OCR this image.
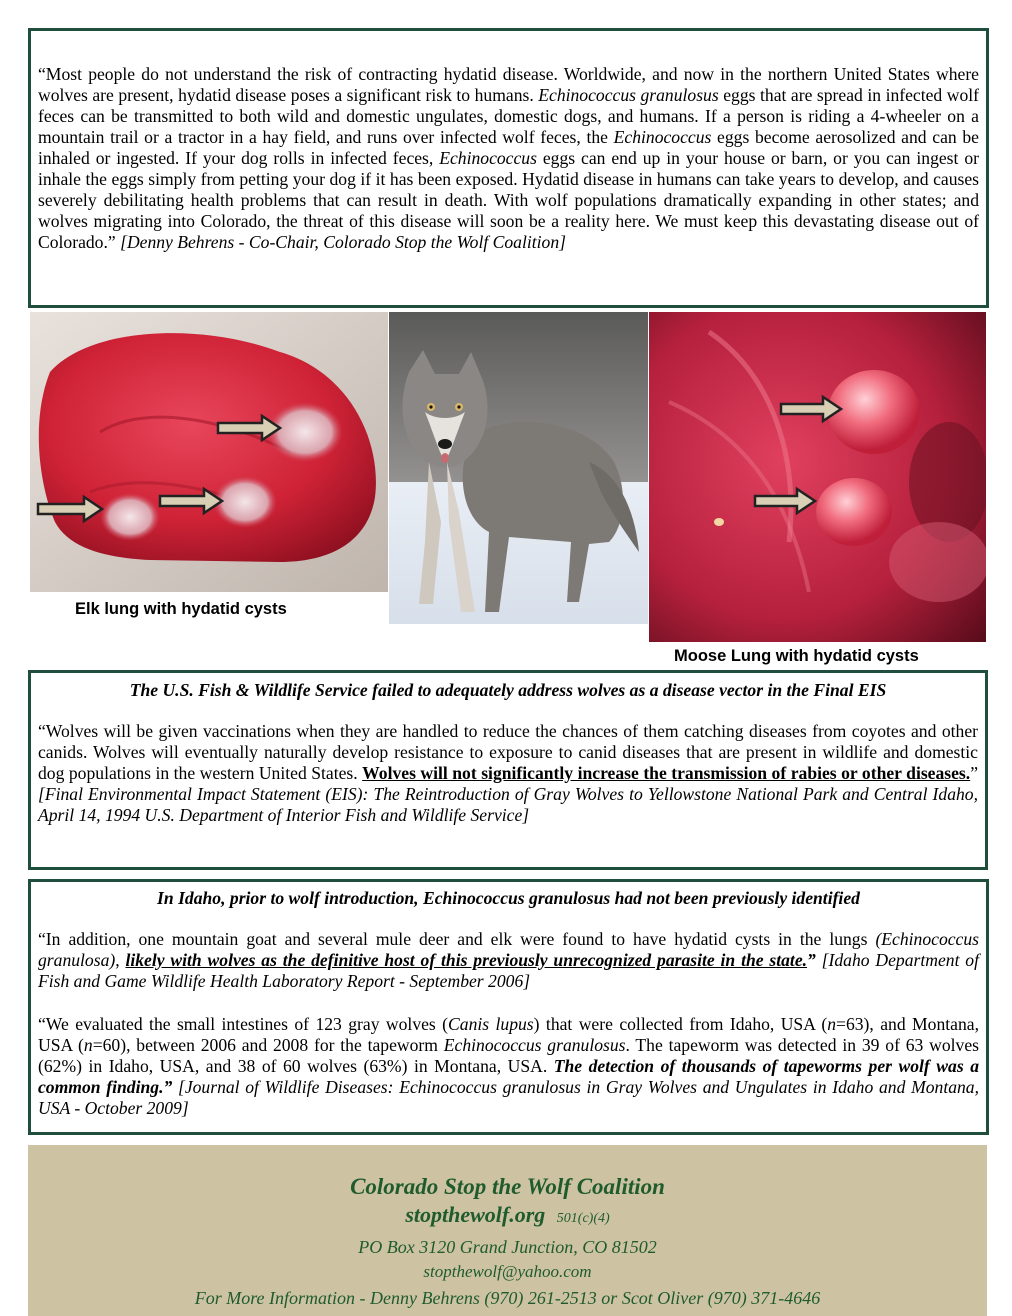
“Most people do not understand the risk of contracting hydatid disease. Worldwide, and now in the northern United States where wolves are present, hydatid disease poses a significant risk to humans. Echinococcus granulosus eggs that are spread in infected wolf feces can be transmitted to both wild and domestic ungulates, domestic dogs, and humans. If a person is riding a 4-wheeler on a mountain trail or a tractor in a hay field, and runs over infected wolf feces, the Echinococcus eggs become aerosolized and can be inhaled or ingested. If your dog rolls in infected feces, Echinococcus eggs can end up in your house or barn, or you can ingest or inhale the eggs simply from petting your dog if it has been exposed. Hydatid disease in humans can take years to develop, and causes severely debilitating health problems that can result in death. With wolf populations dramatically expanding in other states; and wolves migrating into Colorado, the threat of this disease will soon be a reality here. We must keep this devastating disease out of Colorado.” [Denny Behrens - Co-Chair, Colorado Stop the Wolf Coalition]

Elk lung with hydatid cysts
Moose Lung with hydatid cysts

The U.S. Fish & Wildlife Service failed to adequately address wolves as a disease vector in the Final EIS

“Wolves will be given vaccinations when they are handled to reduce the chances of them catching diseases from coyotes and other canids. Wolves will eventually naturally develop resistance to exposure to canid diseases that are present in wildlife and domestic dog populations in the western United States. Wolves will not significantly increase the transmission of rabies or other diseases.” [Final Environmental Impact Statement (EIS): The Reintroduction of Gray Wolves to Yellowstone National Park and Central Idaho, April 14, 1994 U.S. Department of Interior Fish and Wildlife Service]

In Idaho, prior to wolf introduction, Echinococcus granulosus had not been previously identified

“In addition, one mountain goat and several mule deer and elk were found to have hydatid cysts in the lungs (Echinococcus granulosa), likely with wolves as the definitive host of this previously unrecognized parasite in the state.” [Idaho Department of Fish and Game Wildlife Health Laboratory Report - September 2006]

“We evaluated the small intestines of 123 gray wolves (Canis lupus) that were collected from Idaho, USA (n=63), and Montana, USA (n=60), between 2006 and 2008 for the tapeworm Echinococcus granulosus. The tapeworm was detected in 39 of 63 wolves (62%) in Idaho, USA, and 38 of 60 wolves (63%) in Montana, USA. The detection of thousands of tapeworms per wolf was a common finding.” [Journal of Wildlife Diseases: Echinococcus granulosus in Gray Wolves and Ungulates in Idaho and Montana, USA - October 2009]

Colorado Stop the Wolf Coalition
stopthewolf.org 501(c)(4)
PO Box 3120 Grand Junction, CO 81502
stopthewolf@yahoo.com
For More Information - Denny Behrens (970) 261-2513 or Scot Oliver (970) 371-4646
